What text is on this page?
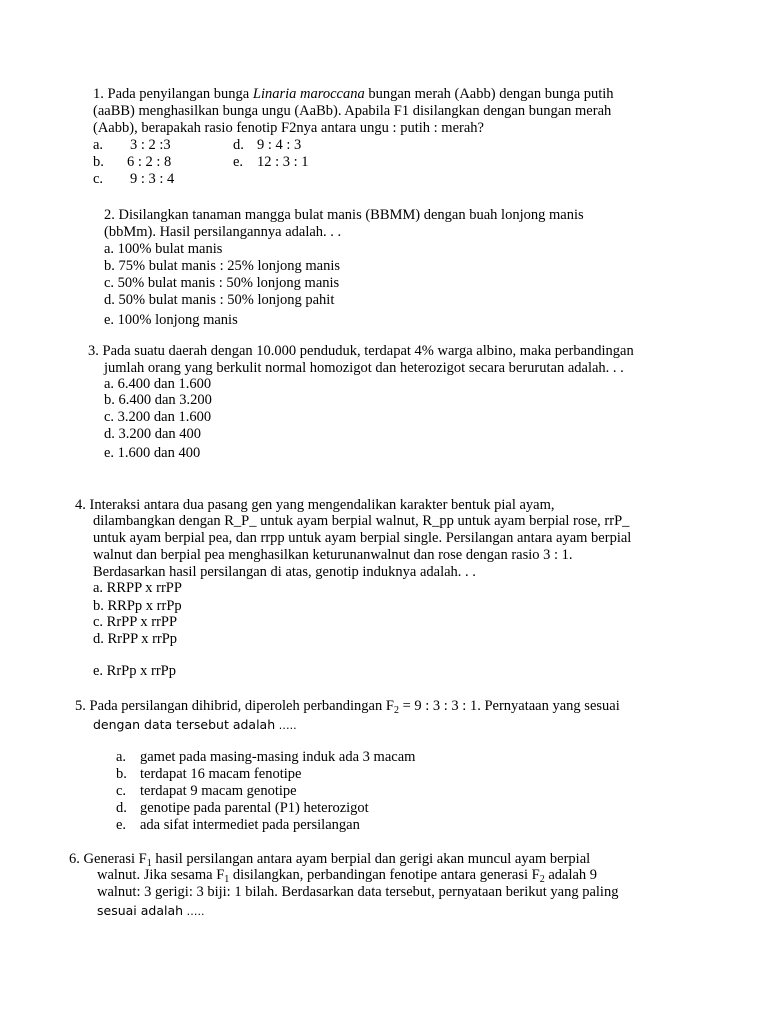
1. Pada penyilangan bunga Linaria maroccana bungan merah (Aabb) dengan bunga putih
(aaBB) menghasilkan bunga ungu (AaBb). Apabila F1 disilangkan dengan bungan merah
(Aabb), berapakah rasio fenotip F2nya antara ungu : putih : merah?
a. 3 : 2 :3	d. 9 : 4 : 3
b. 6 : 2 : 8	e. 12 : 3 : 1
c. 9 : 3 : 4
2. Disilangkan tanaman mangga bulat manis (BBMM) dengan buah lonjong manis
(bbMm). Hasil persilangannya adalah. . .
a. 100% bulat manis
b. 75% bulat manis : 25% lonjong manis
c. 50% bulat manis : 50% lonjong manis
d. 50% bulat manis : 50% lonjong pahit
e. 100% lonjong manis
3. Pada suatu daerah dengan 10.000 penduduk, terdapat 4% warga albino, maka perbandingan
jumlah orang yang berkulit normal homozigot dan heterozigot secara berurutan adalah. . .
a. 6.400 dan 1.600
b. 6.400 dan 3.200
c. 3.200 dan 1.600
d. 3.200 dan 400
e. 1.600 dan 400
4. Interaksi antara dua pasang gen yang mengendalikan karakter bentuk pial ayam,
dilambangkan dengan R_P_ untuk ayam berpial walnut, R_pp untuk ayam berpial rose, rrP_
untuk ayam berpial pea, dan rrpp untuk ayam berpial single. Persilangan antara ayam berpial
walnut dan berpial pea menghasilkan keturunanwalnut dan rose dengan rasio 3 : 1.
Berdasarkan hasil persilangan di atas, genotip induknya adalah. . .
a. RRPP x rrPP
b. RRPp x rrPp
c. RrPP x rrPP
d. RrPP x rrPp
e. RrPp x rrPp
5. Pada persilangan dihibrid, diperoleh perbandingan $F_2 = 9$ : 3 : 3 : 1. Pernyataan yang sesuai
dengan data tersebut adalah …..
a. gamet pada masing-masing induk ada 3 macam
b. terdapat 16 macam fenotipe
c. terdapat 9 macam genotipe
d. genotipe pada parental (P1) heterozigot
e. ada sifat intermediet pada persilangan
6. Generasi $F_1$ hasil persilangan antara ayam berpial dan gerigi akan muncul ayam berpial
walnut. Jika sesama $F_1$ disilangkan, perbandingan fenotipe antara generasi $F_2$ adalah 9
walnut: 3 gerigi: 3 biji: 1 bilah. Berdasarkan data tersebut, pernyataan berikut yang paling
sesuai adalah …..
